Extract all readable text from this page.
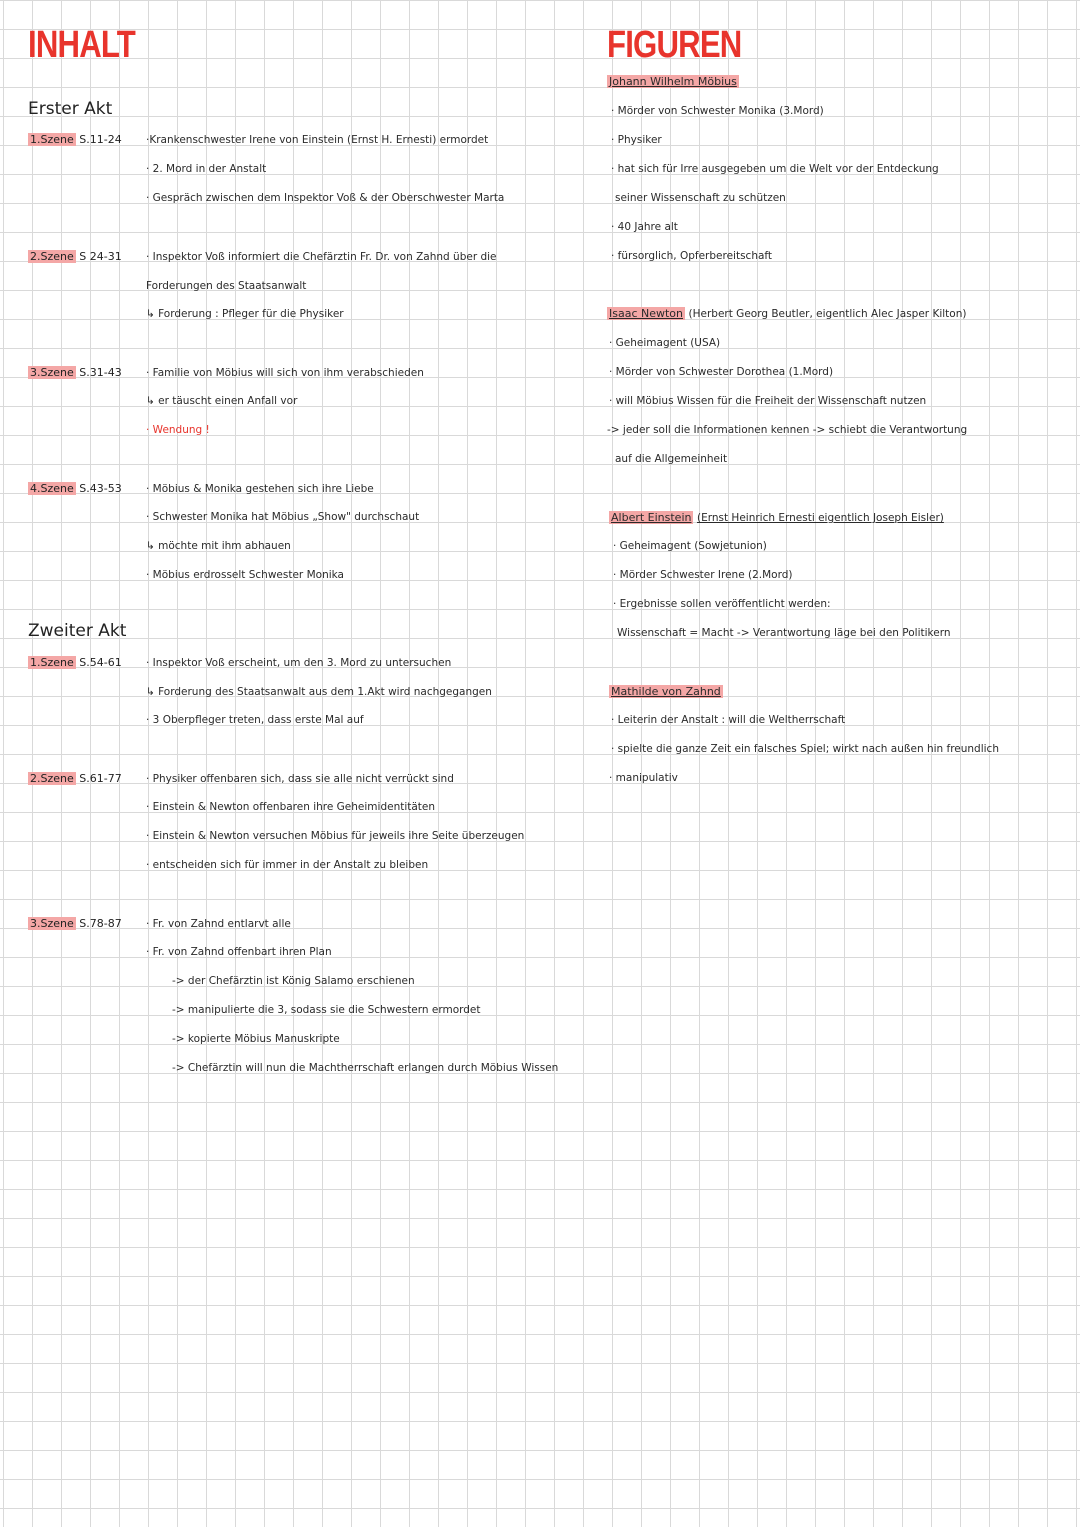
INHALT
Erster Akt
1.Szene S.11-24 ·Krankenschwester Irene von Einstein (Ernst H. Ernesti) ermordet
· 2. Mord in der Anstalt
· Gespräch zwischen dem Inspektor Voß & der Oberschwester Marta
2.Szene S 24-31 · Inspektor Voß informiert die Chefärztin Fr. Dr. von Zahnd über die
Forderungen des Staatsanwalt
↳ Forderung : Pfleger für die Physiker
3.Szene S.31-43 · Familie von Möbius will sich von ihm verabschieden
↳ er täuscht einen Anfall vor
· Wendung !
4.Szene S.43-53 · Möbius & Monika gestehen sich ihre Liebe
· Schwester Monika hat Möbius „Show" durchschaut
↳ möchte mit ihm abhauen
· Möbius erdrosselt Schwester Monika
Zweiter Akt
1.Szene S.54-61 · Inspektor Voß erscheint, um den 3. Mord zu untersuchen
↳ Forderung des Staatsanwalt aus dem 1.Akt wird nachgegangen
· 3 Oberpfleger treten, dass erste Mal auf
2.Szene S.61-77 · Physiker offenbaren sich, dass sie alle nicht verrückt sind
· Einstein & Newton offenbaren ihre Geheimidentitäten
· Einstein & Newton versuchen Möbius für jeweils ihre Seite überzeugen
· entscheiden sich für immer in der Anstalt zu bleiben
3.Szene S.78-87 · Fr. von Zahnd entlarvt alle
· Fr. von Zahnd offenbart ihren Plan
-> der Chefärztin ist König Salamo erschienen
-> manipulierte die 3, sodass sie die Schwestern ermordet
-> kopierte Möbius Manuskripte
-> Chefärztin will nun die Machtherrschaft erlangen durch Möbius Wissen
FIGUREN
Johann Wilhelm Möbius
· Mörder von Schwester Monika (3.Mord)
· Physiker
· hat sich für Irre ausgegeben um die Welt vor der Entdeckung
seiner Wissenschaft zu schützen
· 40 Jahre alt
· fürsorglich, Opferbereitschaft
Isaac Newton (Herbert Georg Beutler, eigentlich Alec Jasper Kilton)
· Geheimagent (USA)
· Mörder von Schwester Dorothea (1.Mord)
· will Möbius Wissen für die Freiheit der Wissenschaft nutzen
-> jeder soll die Informationen kennen -> schiebt die Verantwortung
auf die Allgemeinheit
Albert Einstein (Ernst Heinrich Ernesti eigentlich Joseph Eisler)
· Geheimagent (Sowjetunion)
· Mörder Schwester Irene (2.Mord)
· Ergebnisse sollen veröffentlicht werden:
Wissenschaft = Macht -> Verantwortung läge bei den Politikern
Mathilde von Zahnd
· Leiterin der Anstalt : will die Weltherrschaft
· spielte die ganze Zeit ein falsches Spiel; wirkt nach außen hin freundlich
· manipulativ
